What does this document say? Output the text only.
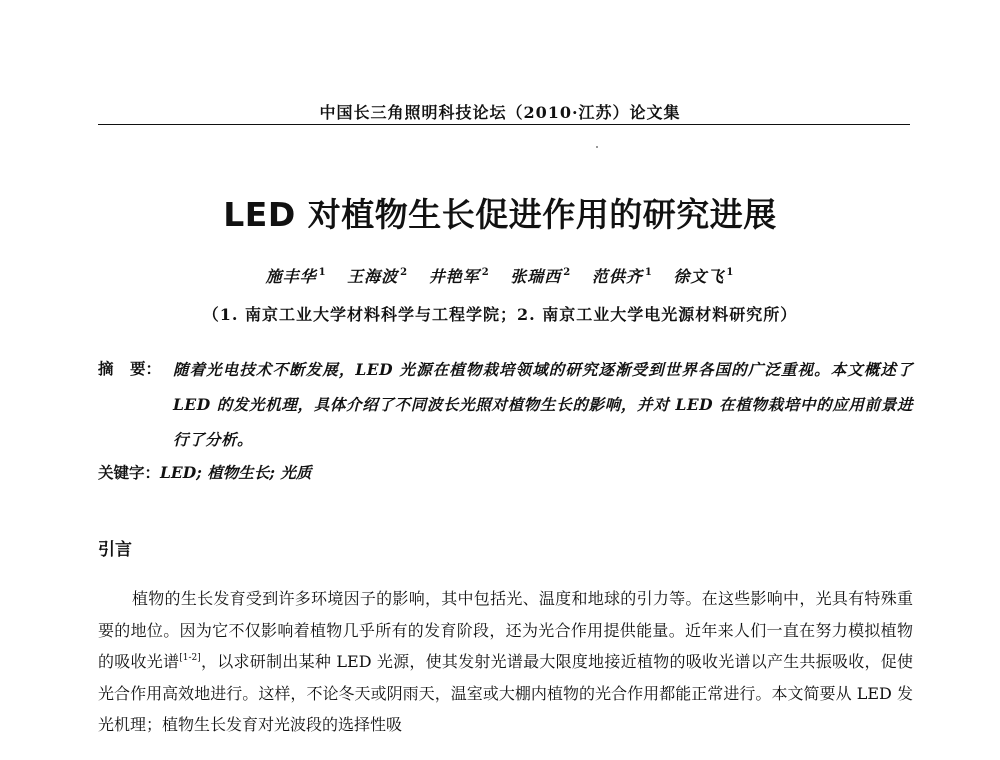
中国长三角照明科技论坛（2010·江苏）论文集
LED 对植物生长促进作用的研究进展
施丰华 $^1$ 王海波 $^2$ 井艳军 $^2$ 张瑞西 $^2$ 范供齐 $^1$ 徐文飞 $^1$
（1. 南京工业大学材料科学与工程学院；2. 南京工业大学电光源材料研究所）
摘 要： 随着光电技术不断发展，LED 光源在植物栽培领域的研究逐渐受到世界各国的广泛重视。本文概述了 LED 的发光机理，具体介绍了不同波长光照对植物生长的影响，并对 LED 在植物栽培中的应用前景进行了分析。
关键字：LED; 植物生长; 光质
引言

植物的生长发育受到许多环境因子的影响，其中包括光、温度和地球的引力等。在这些影响中，光具有特殊重要的地位。因为它不仅影响着植物几乎所有的发育阶段，还为光合作用提供能量。近年来人们一直在努力模拟植物的吸收光谱[1-2]，以求研制出某种 LED 光源，使其发射光谱最大限度地接近植物的吸收光谱以产生共振吸收，促使光合作用高效地进行。这样，不论冬天或阴雨天，温室或大棚内植物的光合作用都能正常进行。本文简要从 LED 发光机理；植物生长发育对光波段的选择性吸
